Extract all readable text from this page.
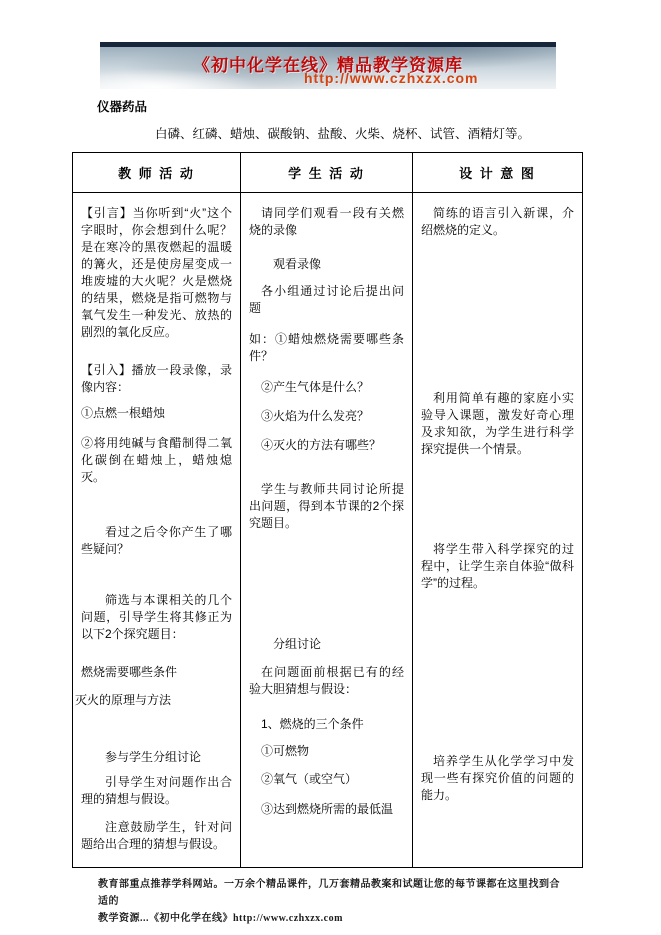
《初中化学在线》精品教学资源库
http://www.czhxzx.com
仪器药品
白磷、红磷、蜡烛、碳酸钠、盐酸、火柴、烧杯、试管、酒精灯等。
教 师 活 动	学 生 活 动	设 计 意 图

【引言】当你听到“火”这个字眼时，你会想到什么呢？是在寒冷的黑夜燃起的温暖的篝火，还是使房屋变成一堆废墟的大火呢？火是燃烧的结果，燃烧是指可燃物与氧气发生一种发光、放热的剧烈的氧化反应。

【引入】播放一段录像，录像内容：

①点燃一根蜡烛

②将用纯碱与食醋制得二氧化碳倒在蜡烛上，蜡烛熄灭。

看过之后令你产生了哪些疑问？

筛选与本课相关的几个问题，引导学生将其修正为以下2个探究题目：

燃烧需要哪些条件

灭火的原理与方法

参与学生分组讨论

引导学生对问题作出合理的猜想与假设。

注意鼓励学生，针对问题给出合理的猜想与假设。

请同学们观看一段有关燃烧的录像

观看录像

各小组通过讨论后提出问题

如：①蜡烛燃烧需要哪些条件？

②产生气体是什么？

③火焰为什么发亮？

④灭火的方法有哪些？

学生与教师共同讨论所提出问题，得到本节课的2个探究题目。

分组讨论

在问题面前根据已有的经验大胆猜想与假设：

1、燃烧的三个条件

①可燃物

②氧气（或空气）

③达到燃烧所需的最低温

简练的语言引入新课，介绍燃烧的定义。

利用简单有趣的家庭小实验导入课题，激发好奇心理及求知欲，为学生进行科学探究提供一个情景。

将学生带入科学探究的过程中，让学生亲自体验“做科学”的过程。

培养学生从化学学习中发现一些有探究价值的问题的能力。

教育部重点推荐学科网站。一万余个精品课件，几万套精品教案和试题让您的每节课都在这里找到合适的
教学资源...《初中化学在线》http://www.czhxzx.com
